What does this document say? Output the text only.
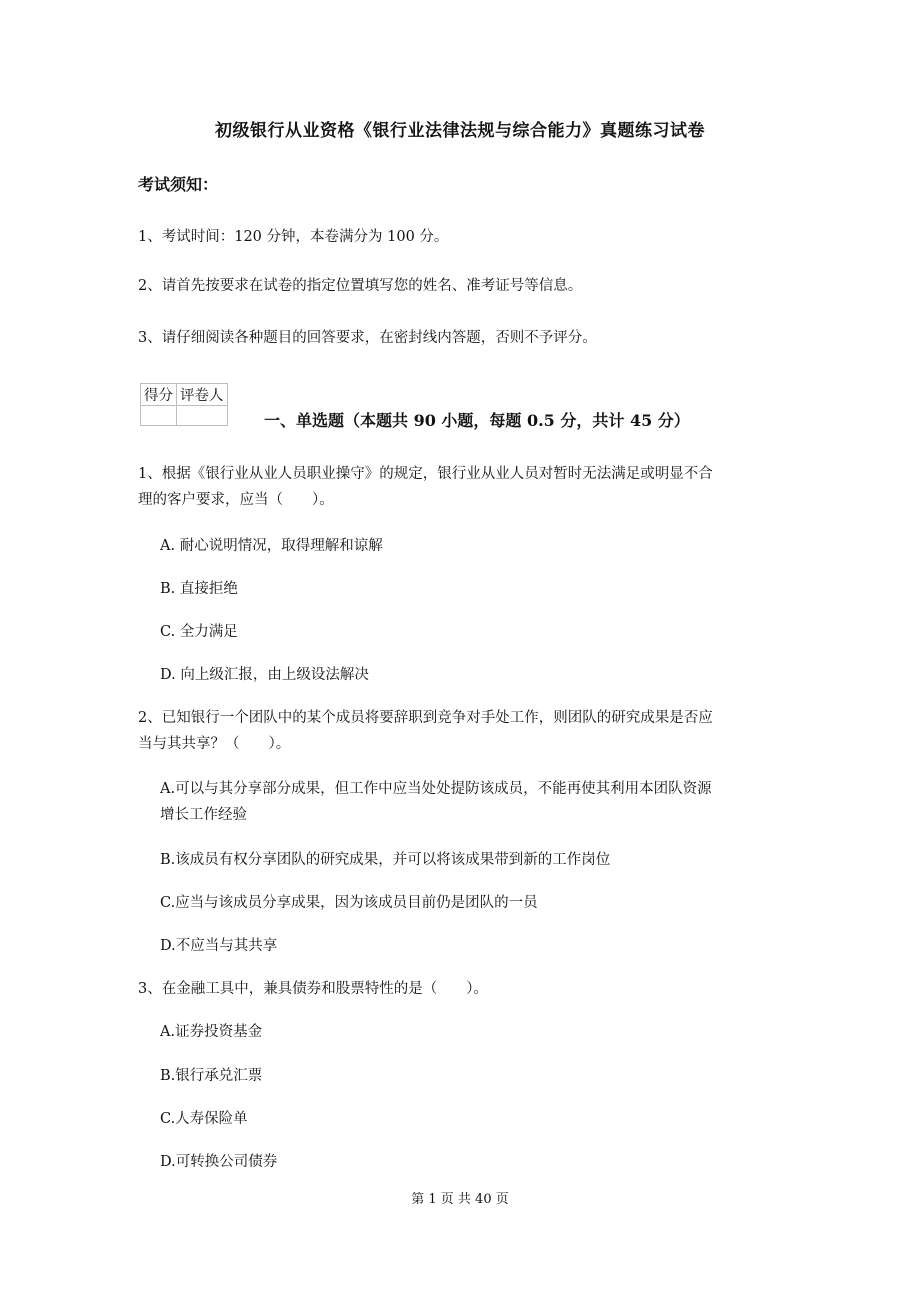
初级银行从业资格《银行业法律法规与综合能力》真题练习试卷
考试须知：
1、考试时间：120 分钟，本卷满分为 100 分。
2、请首先按要求在试卷的指定位置填写您的姓名、准考证号等信息。
3、请仔细阅读各种题目的回答要求，在密封线内答题，否则不予评分。
得分	评卷人

一、单选题（本题共 90 小题，每题 0.5 分，共计 45 分）
1、根据《银行业从业人员职业操守》的规定，银行业从业人员对暂时无法满足或明显不合
理的客户要求，应当（　　）。
A. 耐心说明情况，取得理解和谅解
B. 直接拒绝
C. 全力满足
D. 向上级汇报，由上级设法解决
2、已知银行一个团队中的某个成员将要辞职到竞争对手处工作，则团队的研究成果是否应
当与其共享？（　　）。
A.可以与其分享部分成果，但工作中应当处处提防该成员，不能再使其利用本团队资源
增长工作经验
B.该成员有权分享团队的研究成果，并可以将该成果带到新的工作岗位
C.应当与该成员分享成果，因为该成员目前仍是团队的一员
D.不应当与其共享
3、在金融工具中，兼具债券和股票特性的是（　　）。
A.证券投资基金
B.银行承兑汇票
C.人寿保险单
D.可转换公司债券
第 1 页 共 40 页
